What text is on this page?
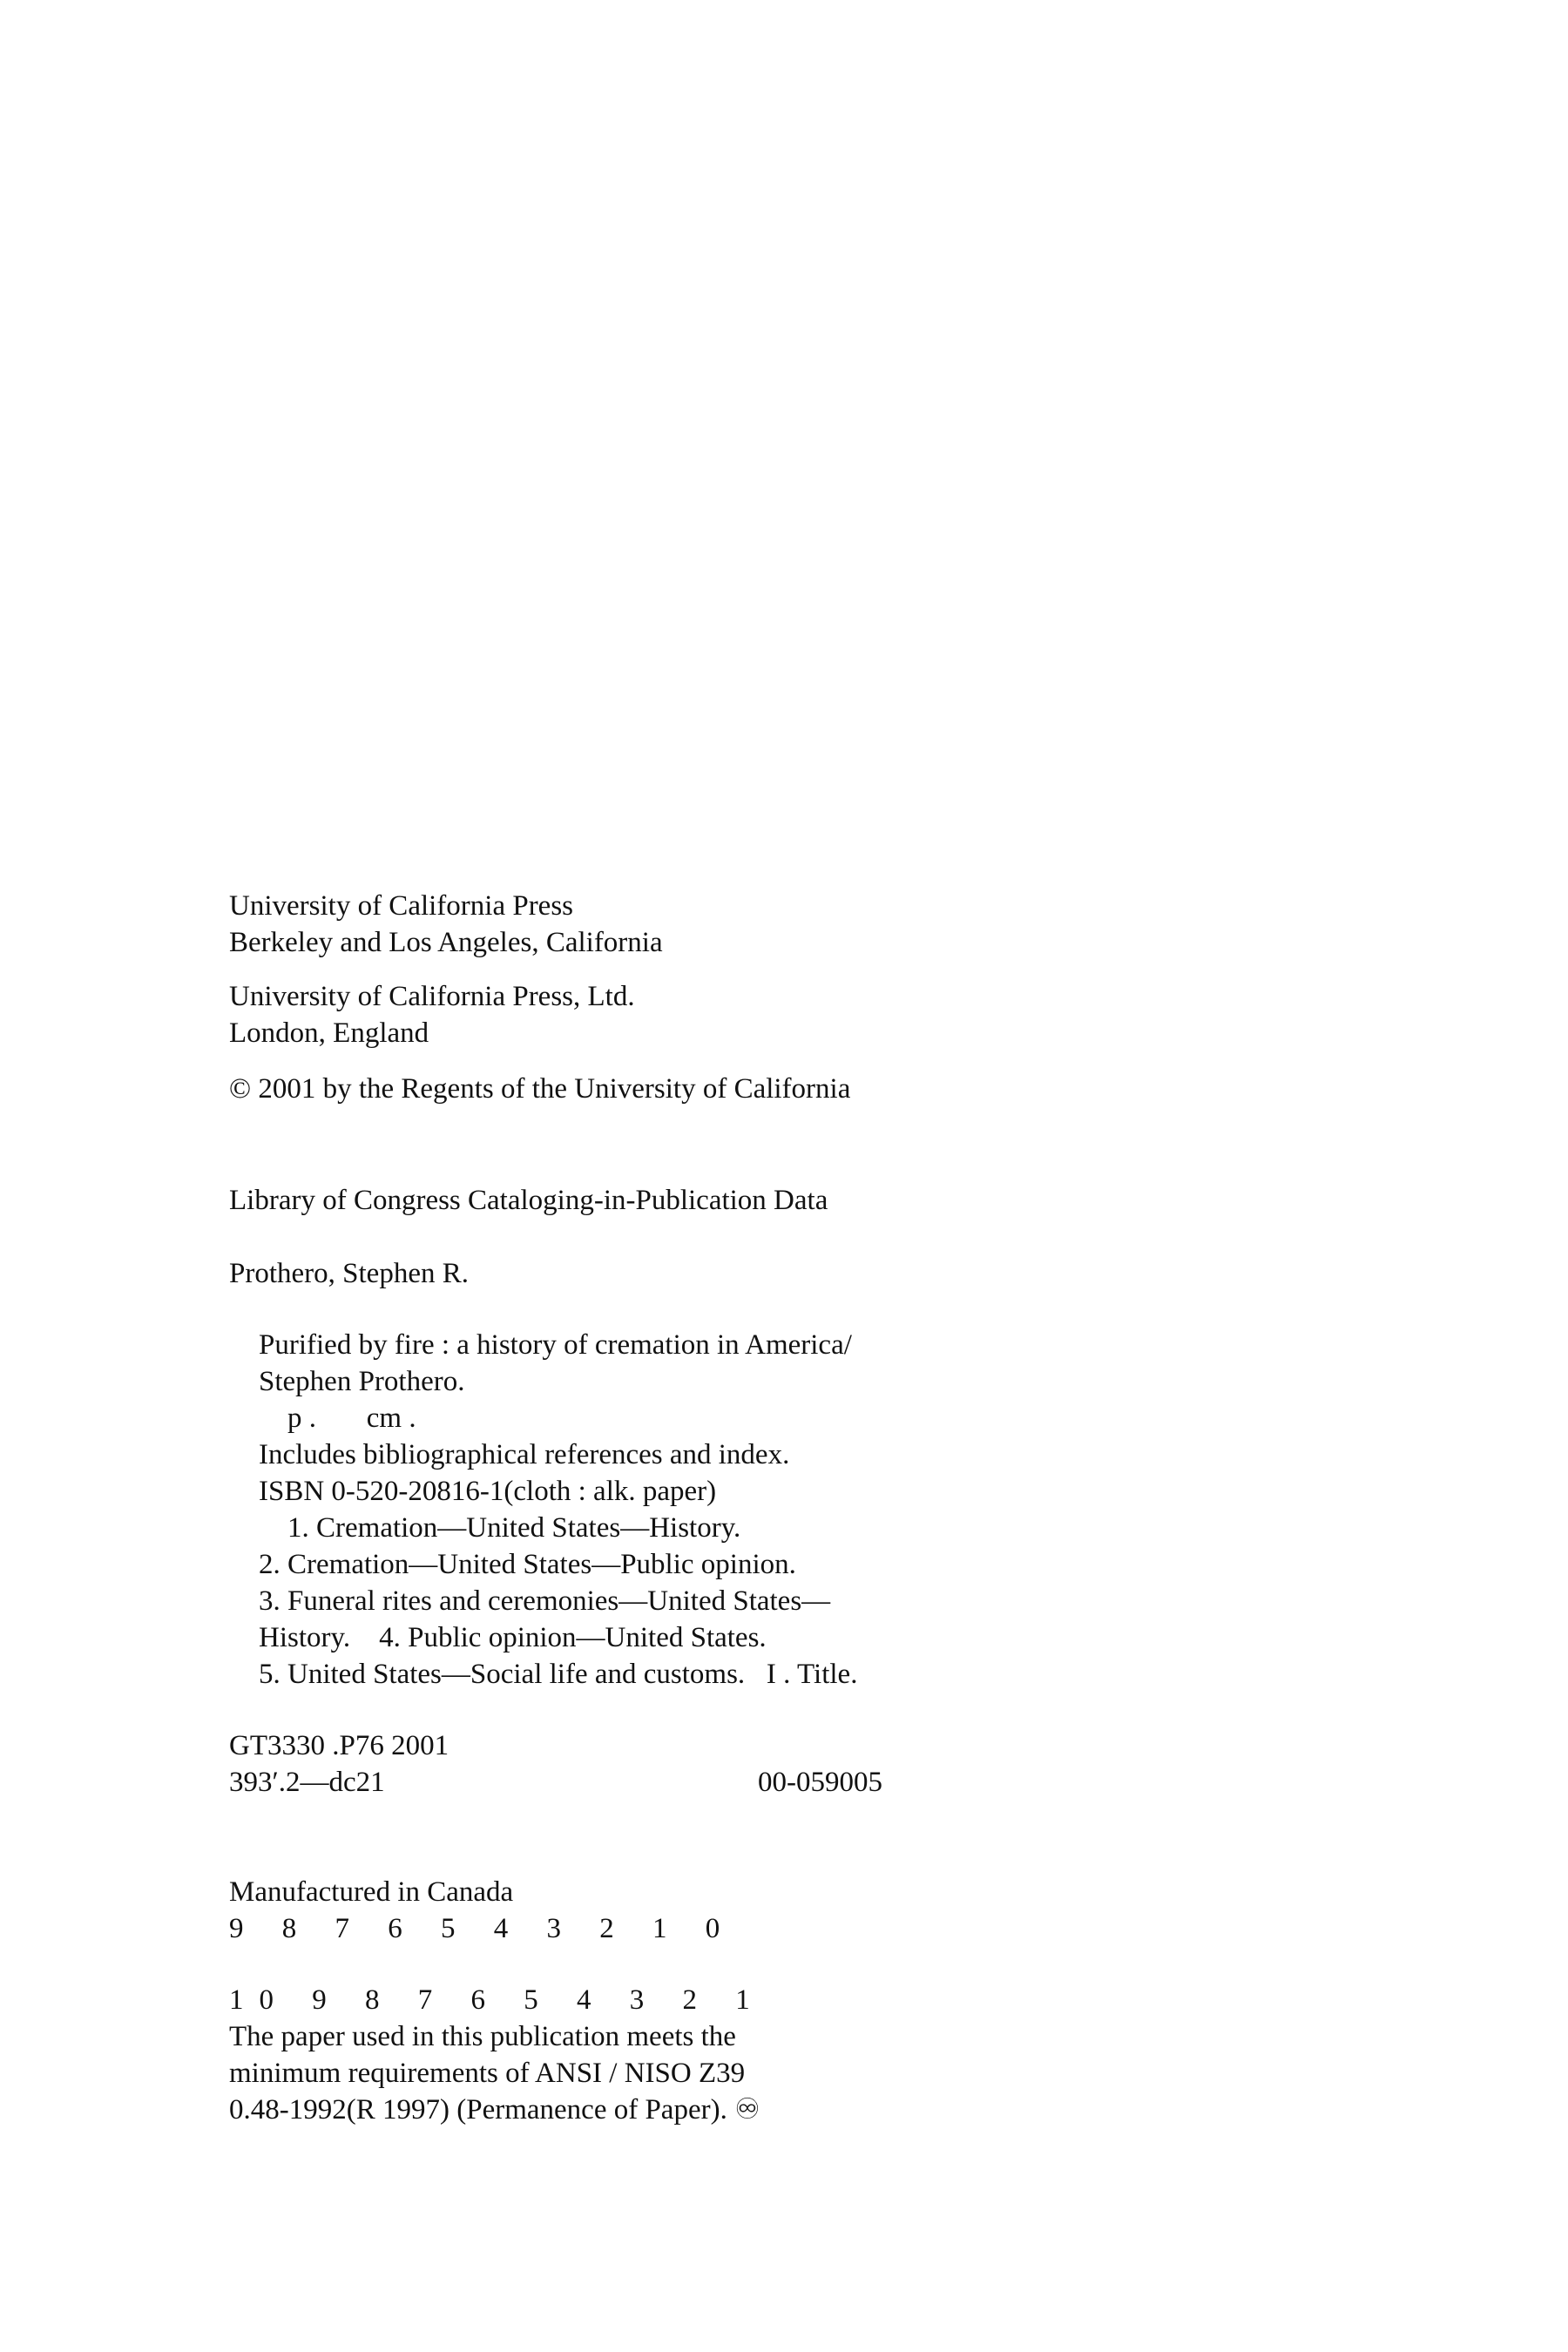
University of California Press
Berkeley and Los Angeles, California
University of California Press, Ltd.
London, England
© 2001 by the Regents of the University of California
Library of Congress Cataloging-in-Publication Data
Prothero, Stephen R.
Purified by fire : a history of cremation in America/
Stephen Prothero.
p .       cm .
Includes bibliographical references and index.
ISBN 0-520-20816-1(cloth : alk. paper)
1. Cremation—United States—History.
2. Cremation—United States—Public opinion.
3. Funeral rites and ceremonies—United States—
History.    4. Public opinion—United States.
5. United States—Social life and customs.   I . Title.
GT3330 .P76 2001
393′.2—dc21	00-059005
Manufactured in Canada
9 8 7 6 5 4 3 2 1 0
10 9 8 7 6 5 4 3 2 1
The paper used in this publication meets the
minimum requirements of ANSI / NISO Z39
0.48-1992(R 1997) (Permanence of Paper). ♾
